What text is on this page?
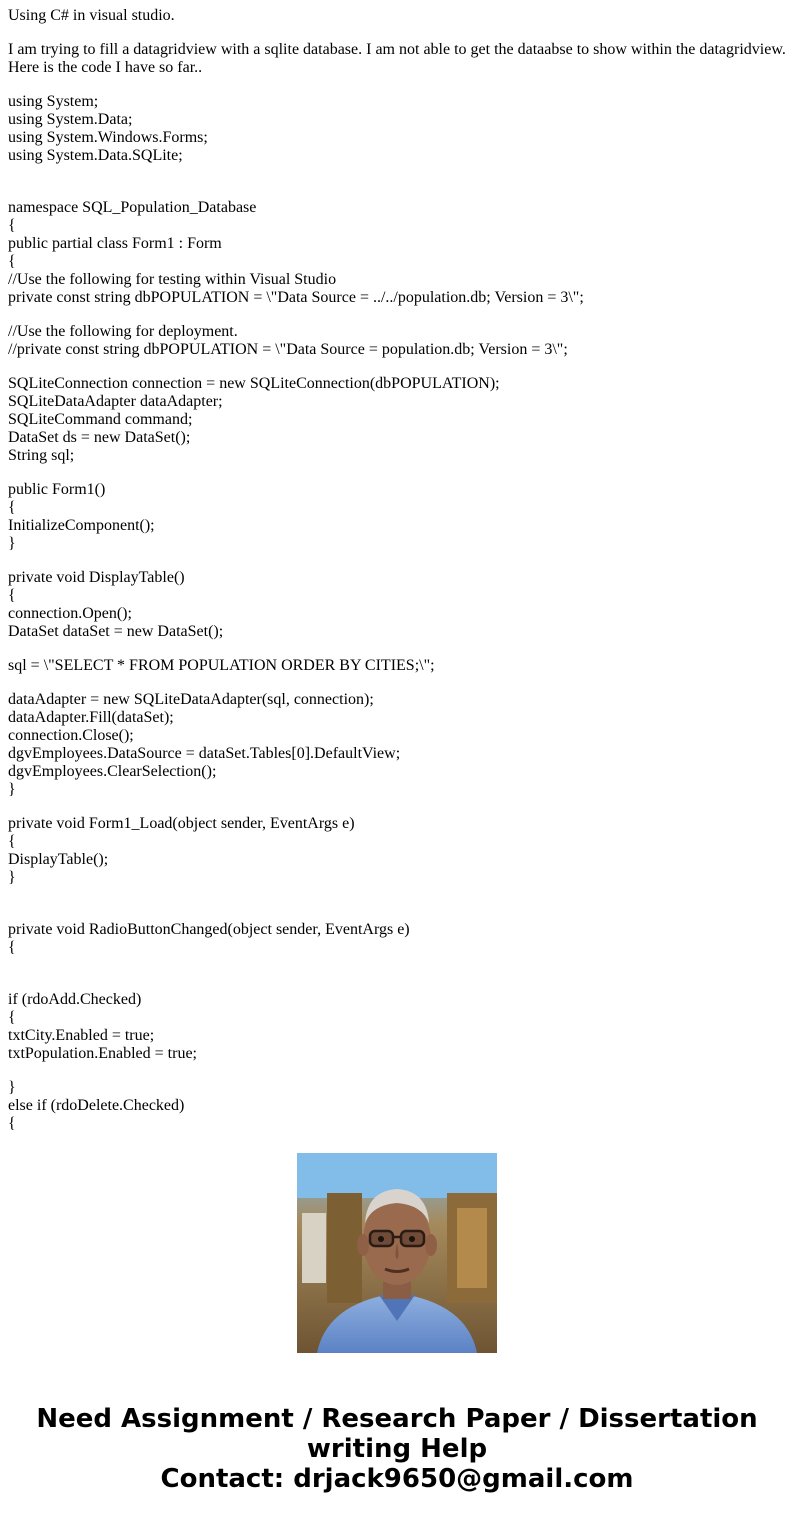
Using C# in visual studio.

I am trying to fill a datagridview with a sqlite database. I am not able to get the dataabse to show within the datagridview. Here is the code I have so far..

using System;
using System.Data;
using System.Windows.Forms;
using System.Data.SQLite;
namespace SQL_Population_Database
{
public partial class Form1 : Form
{
//Use the following for testing within Visual Studio
private const string dbPOPULATION = \"Data Source = ../../population.db; Version = 3\";
//Use the following for deployment.
//private const string dbPOPULATION = \"Data Source = population.db; Version = 3\";
SQLiteConnection connection = new SQLiteConnection(dbPOPULATION);
SQLiteDataAdapter dataAdapter;
SQLiteCommand command;
DataSet ds = new DataSet();
String sql;
public Form1()
{
InitializeComponent();
}
private void DisplayTable()
{
connection.Open();
DataSet dataSet = new DataSet();
sql = \"SELECT * FROM POPULATION ORDER BY CITIES;\";
dataAdapter = new SQLiteDataAdapter(sql, connection);
dataAdapter.Fill(dataSet);
connection.Close();
dgvEmployees.DataSource = dataSet.Tables[0].DefaultView;
dgvEmployees.ClearSelection();
}
private void Form1_Load(object sender, EventArgs e)
{
DisplayTable();
}
private void RadioButtonChanged(object sender, EventArgs e)
{
if (rdoAdd.Checked)
{
txtCity.Enabled = true;
txtPopulation.Enabled = true;
}
else if (rdoDelete.Checked)
{
Need Assignment / Research Paper / Dissertation
writing Help
Contact: drjack9650@gmail.com
